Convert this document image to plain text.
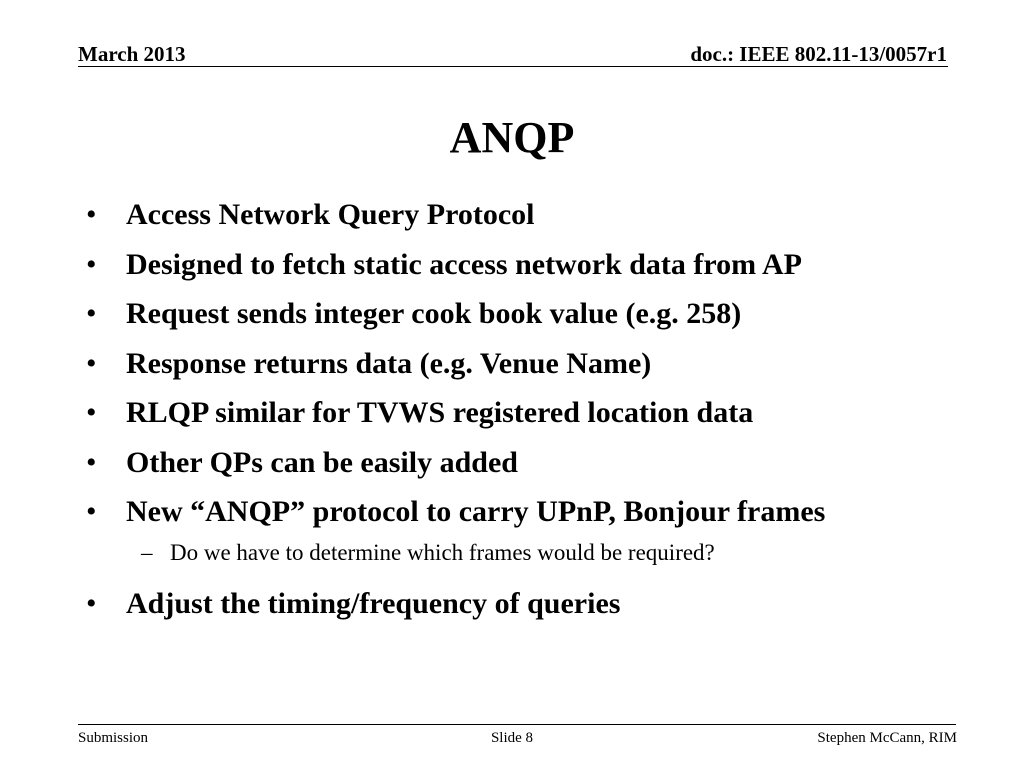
March 2013	doc.: IEEE 802.11-13/0057r1
ANQP
• Access Network Query Protocol
• Designed to fetch static access network data from AP
• Request sends integer cook book value (e.g. 258)
• Response returns data (e.g. Venue Name)
• RLQP similar for TVWS registered location data
• Other QPs can be easily added
• New “ANQP” protocol to carry UPnP, Bonjour frames
– Do we have to determine which frames would be required?
• Adjust the timing/frequency of queries
Submission	Slide 8	Stephen McCann, RIM
